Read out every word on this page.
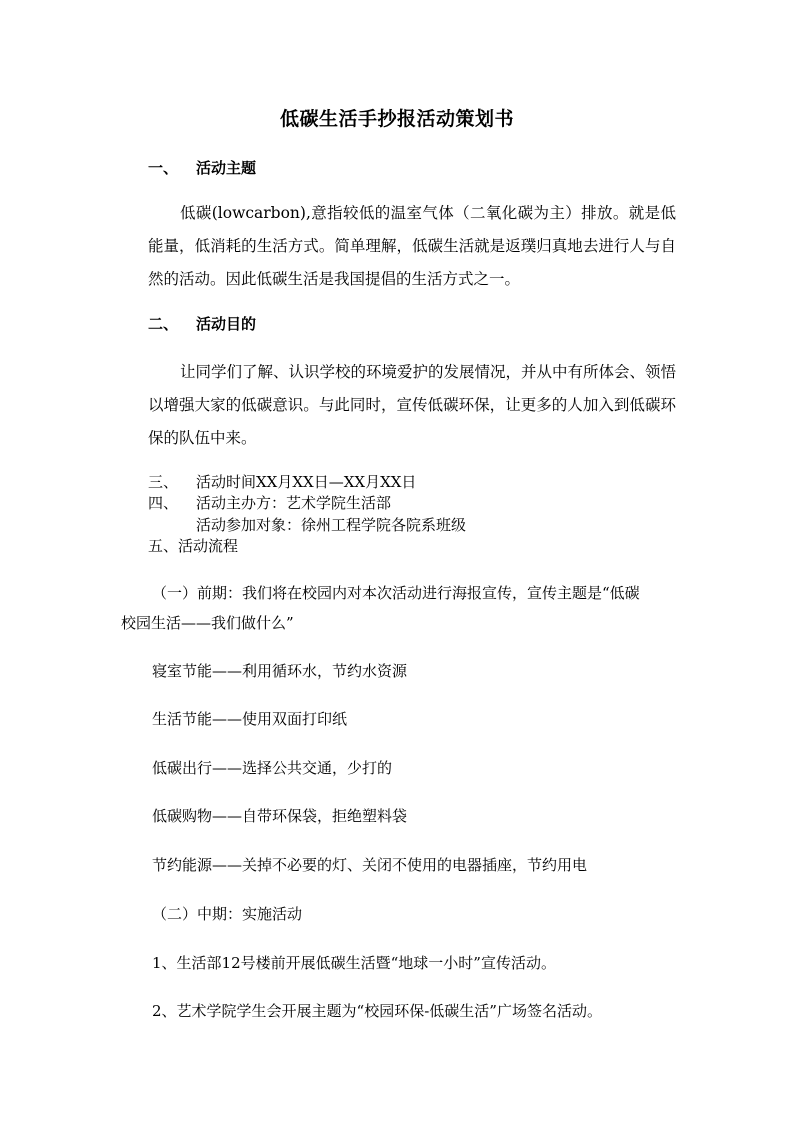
低碳生活手抄报活动策划书
一、 活动主题
低碳(lowcarbon),意指较低的温室气体（二氧化碳为主）排放。就是低能量，低消耗的生活方式。简单理解，低碳生活就是返璞归真地去进行人与自然的活动。因此低碳生活是我国提倡的生活方式之一。
二、 活动目的
让同学们了解、认识学校的环境爱护的发展情况，并从中有所体会、领悟以增强大家的低碳意识。与此同时，宣传低碳环保，让更多的人加入到低碳环保的队伍中来。
三、 活动时间XX月XX日—XX月XX日
四、 活动主办方：艺术学院生活部
活动参加对象：徐州工程学院各院系班级
五、活动流程
（一）前期：我们将在校园内对本次活动进行海报宣传，宣传主题是“低碳
校园生活——我们做什么”
寝室节能——利用循环水，节约水资源
生活节能——使用双面打印纸
低碳出行——选择公共交通，少打的
低碳购物——自带环保袋，拒绝塑料袋
节约能源——关掉不必要的灯、关闭不使用的电器插座，节约用电
（二）中期：实施活动
1、生活部12号楼前开展低碳生活暨“地球一小时”宣传活动。
2、艺术学院学生会开展主题为“校园环保-低碳生活”广场签名活动。
